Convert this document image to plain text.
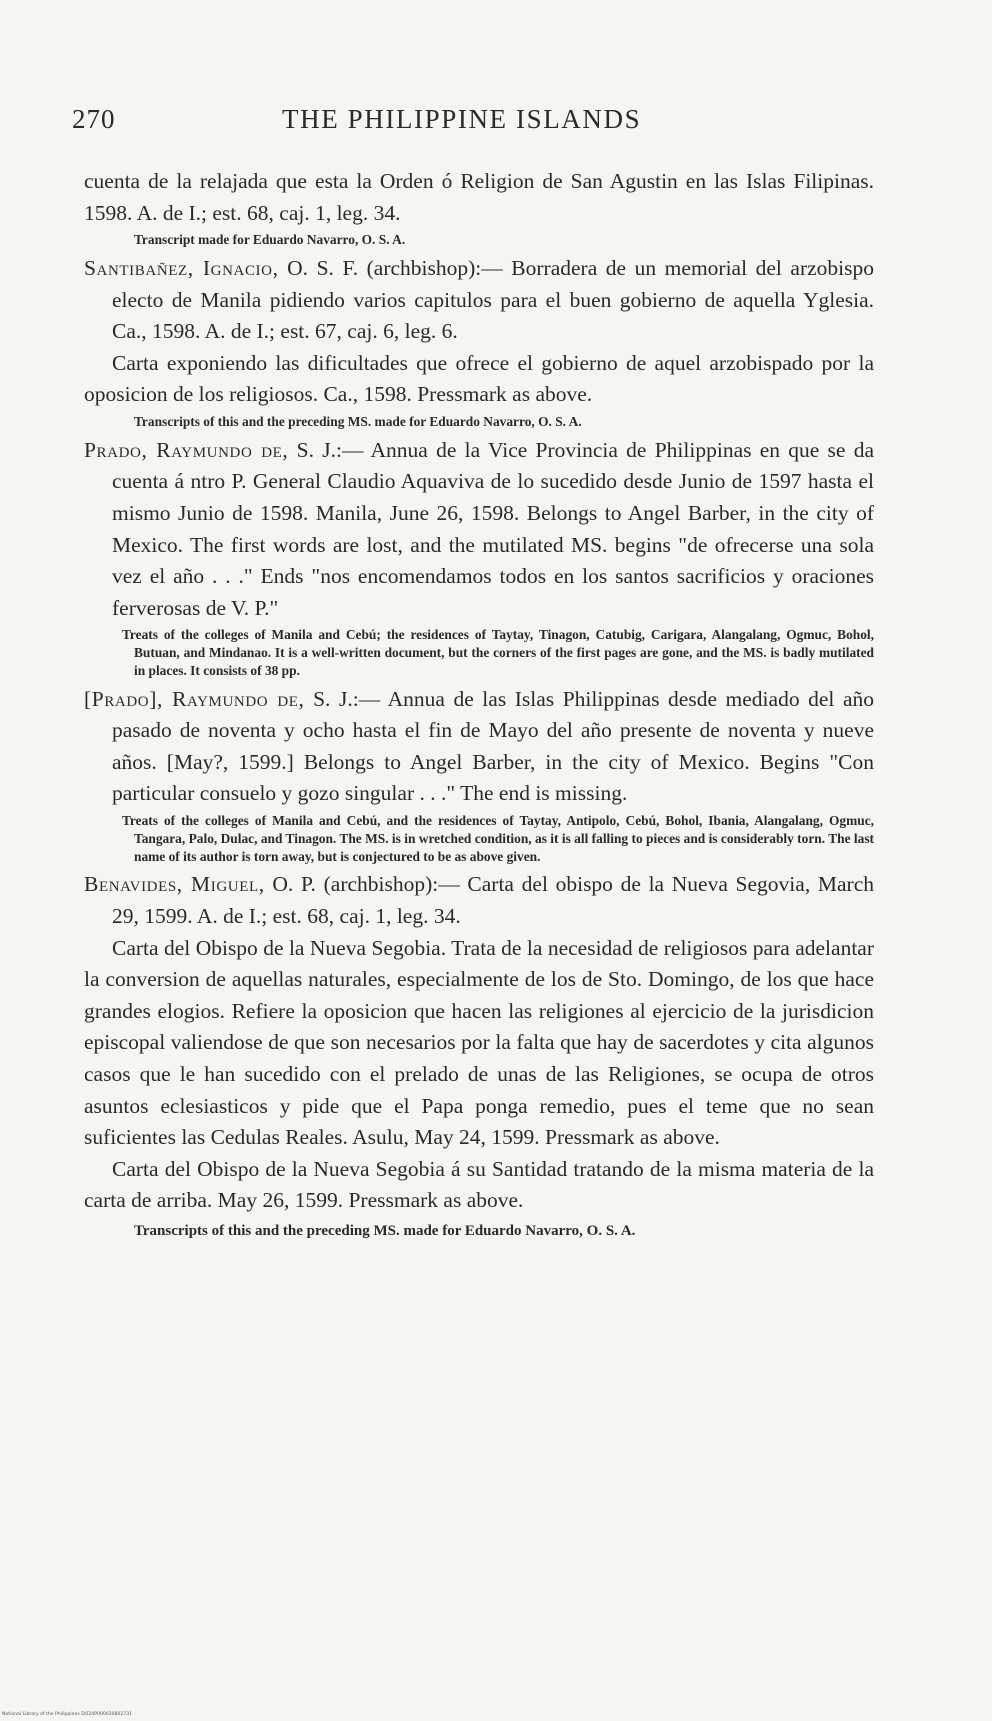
270	THE PHILIPPINE ISLANDS

cuenta de la relajada que esta la Orden ó Religion de San Agustin en las Islas Filipinas. 1598. A. de I.; est. 68, caj. 1, leg. 34.

Transcript made for Eduardo Navarro, O. S. A.

Santibañez, Ignacio, O. S. F. (archbishop):— Borradera de un memorial del arzobispo electo de Manila pidiendo varios capitulos para el buen gobierno de aquella Yglesia. Ca., 1598. A. de I.; est. 67, caj. 6, leg. 6.

Carta exponiendo las dificultades que ofrece el gobierno de aquel arzobispado por la oposicion de los religiosos. Ca., 1598. Pressmark as above.

Transcripts of this and the preceding MS. made for Eduardo Navarro, O. S. A.

Prado, Raymundo de, S. J.:— Annua de la Vice Provincia de Philippinas en que se da cuenta á ntro P. General Claudio Aquaviva de lo sucedido desde Junio de 1597 hasta el mismo Junio de 1598. Manila, June 26, 1598. Belongs to Angel Barber, in the city of Mexico. The first words are lost, and the mutilated MS. begins "de ofrecerse una sola vez el año . . ." Ends "nos encomendamos todos en los santos sacrificios y oraciones ferverosas de V. P."

Treats of the colleges of Manila and Cebú; the residences of Taytay, Tinagon, Catubig, Carigara, Alangalang, Ogmuc, Bohol, Butuan, and Mindanao. It is a well-written document, but the corners of the first pages are gone, and the MS. is badly mutilated in places. It consists of 38 pp.

[Prado], Raymundo de, S. J.:— Annua de las Islas Philippinas desde mediado del año pasado de noventa y ocho hasta el fin de Mayo del año presente de noventa y nueve años. [May?, 1599.] Belongs to Angel Barber, in the city of Mexico. Begins "Con particular consuelo y gozo singular . . ." The end is missing.

Treats of the colleges of Manila and Cebú, and the residences of Taytay, Antipolo, Cebú, Bohol, Ibania, Alangalang, Ogmuc, Tangara, Palo, Dulac, and Tinagon. The MS. is in wretched condition, as it is all falling to pieces and is considerably torn. The last name of its author is torn away, but is conjectured to be as above given.

Benavides, Miguel, O. P. (archbishop):— Carta del obispo de la Nueva Segovia, March 29, 1599. A. de I.; est. 68, caj. 1, leg. 34.

Carta del Obispo de la Nueva Segobia. Trata de la necesidad de religiosos para adelantar la conversion de aquellas naturales, especialmente de los de Sto. Domingo, de los que hace grandes elogios. Refiere la oposicion que hacen las religiones al ejercicio de la jurisdicion episcopal valiendose de que son necesarios por la falta que hay de sacerdotes y cita algunos casos que le han sucedido con el prelado de unas de las Religiones, se ocupa de otros asuntos eclesiasticos y pide que el Papa ponga remedio, pues el teme que no sean suficientes las Cedulas Reales. Asulu, May 24, 1599. Pressmark as above.

Carta del Obispo de la Nueva Segobia á su Santidad tratando de la misma materia de la carta de arriba. May 26, 1599. Pressmark as above.

Transcripts of this and the preceding MS. made for Eduardo Navarro, O. S. A.

National Library of the Philippines DO24P000030802731
